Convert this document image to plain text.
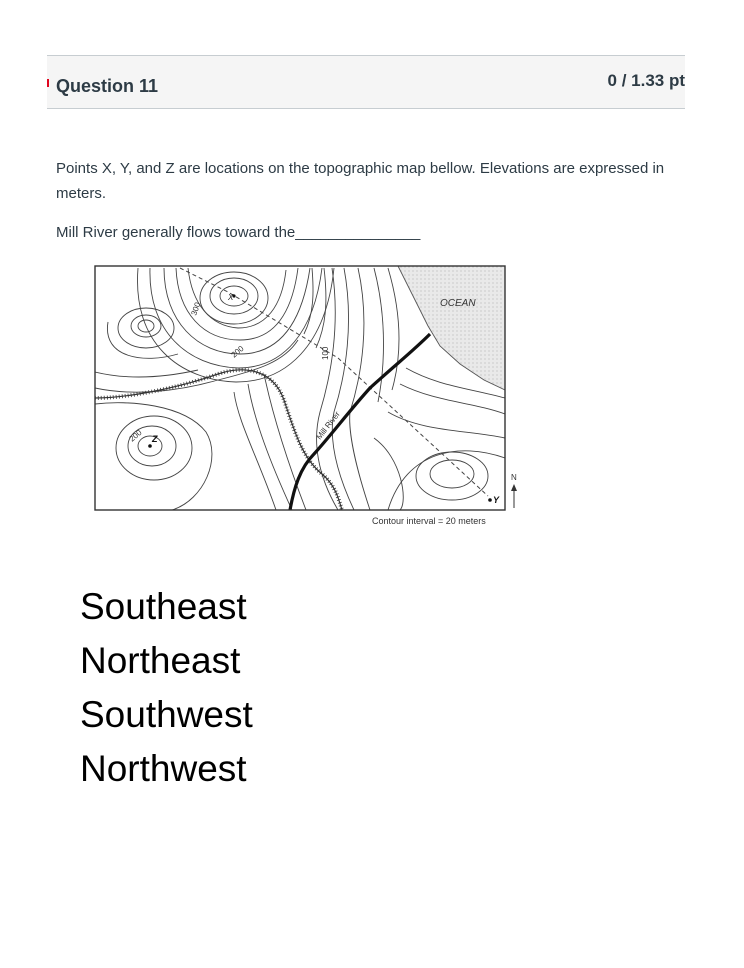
Question 11	0 / 1.33 pt

Points X, Y, and Z are locations on the topographic map bellow. Elevations are expressed in meters.

Mill River generally flows toward the_______________

OCEAN
300
200	100
200	Mill River
X
Y
Z
N
Contour interval = 20 meters
Southeast
Northeast
Southwest
Northwest
